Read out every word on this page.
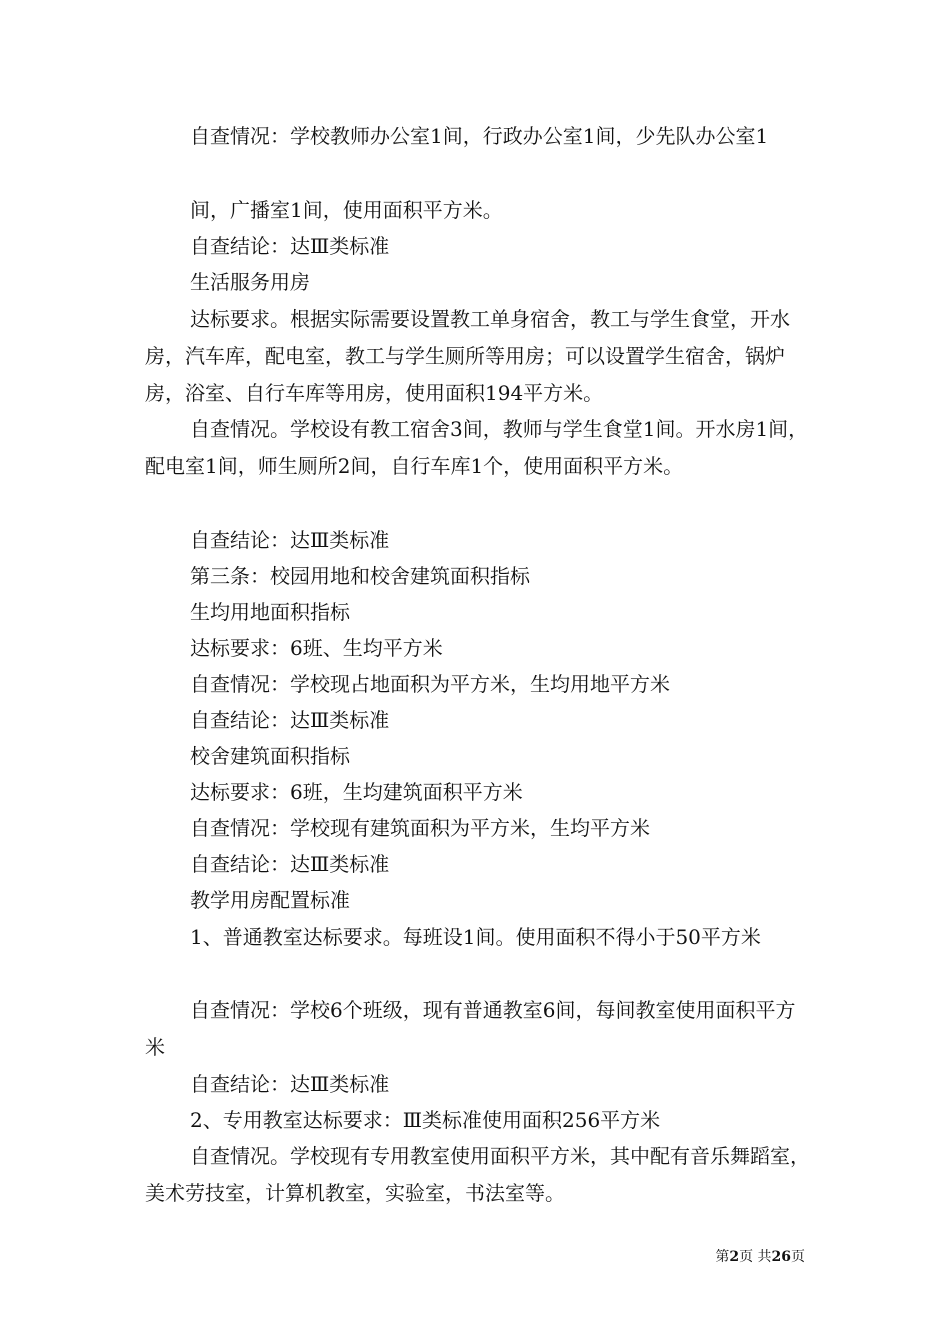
自查情况：学校教师办公室1间，行政办公室1间，少先队办公室1
间，广播室1间，使用面积平方米。
自查结论：达Ⅲ类标准
生活服务用房
达标要求。根据实际需要设置教工单身宿舍，教工与学生食堂，开水房，汽车库，配电室，教工与学生厕所等用房；可以设置学生宿舍，锅炉房，浴室、自行车库等用房，使用面积194平方米。
自查情况。学校设有教工宿舍3间，教师与学生食堂1间。开水房1间，配电室1间，师生厕所2间，自行车库1个，使用面积平方米。
自查结论：达Ⅲ类标准
第三条：校园用地和校舍建筑面积指标
生均用地面积指标
达标要求：6班、生均平方米
自查情况：学校现占地面积为平方米，生均用地平方米
自查结论：达Ⅲ类标准
校舍建筑面积指标
达标要求：6班，生均建筑面积平方米
自查情况：学校现有建筑面积为平方米，生均平方米
自查结论：达Ⅲ类标准
教学用房配置标准
1、普通教室达标要求。每班设1间。使用面积不得小于50平方米
自查情况：学校6个班级，现有普通教室6间，每间教室使用面积平方米
自查结论：达Ⅲ类标准
2、专用教室达标要求：Ⅲ类标准使用面积256平方米
自查情况。学校现有专用教室使用面积平方米，其中配有音乐舞蹈室，美术劳技室，计算机教室，实验室，书法室等。
第2页 共26页
